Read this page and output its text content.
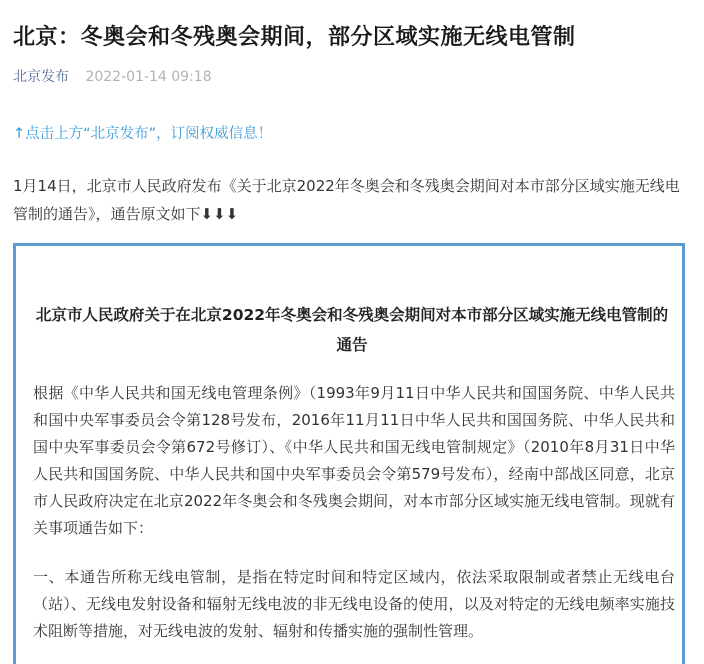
北京：冬奥会和冬残奥会期间，部分区域实施无线电管制
北京发布 2022-01-14 09:18
↑点击上方“北京发布”，订阅权威信息！
1月14日，北京市人民政府发布《关于北京2022年冬奥会和冬残奥会期间对本市部分区域实施无线电管制的通告》，通告原文如下⬇⬇⬇
北京市人民政府关于在北京2022年冬奥会和冬残奥会期间对本市部分区域实施无线电管制的通告
根据《中华人民共和国无线电管理条例》（1993年9月11日中华人民共和国国务院、中华人民共和国中央军事委员会令第128号发布，2016年11月11日中华人民共和国国务院、中华人民共和国中央军事委员会令第672号修订）、《中华人民共和国无线电管制规定》（2010年8月31日中华人民共和国国务院、中华人民共和国中央军事委员会令第579号发布），经南中部战区同意，北京市人民政府决定在北京2022年冬奥会和冬残奥会期间，对本市部分区域实施无线电管制。现就有关事项通告如下：
一、本通告所称无线电管制，是指在特定时间和特定区域内，依法采取限制或者禁止无线电台（站）、无线电发射设备和辐射无线电波的非无线电设备的使用，以及对特定的无线电频率实施技术阻断等措施，对无线电波的发射、辐射和传播实施的强制性管理。
